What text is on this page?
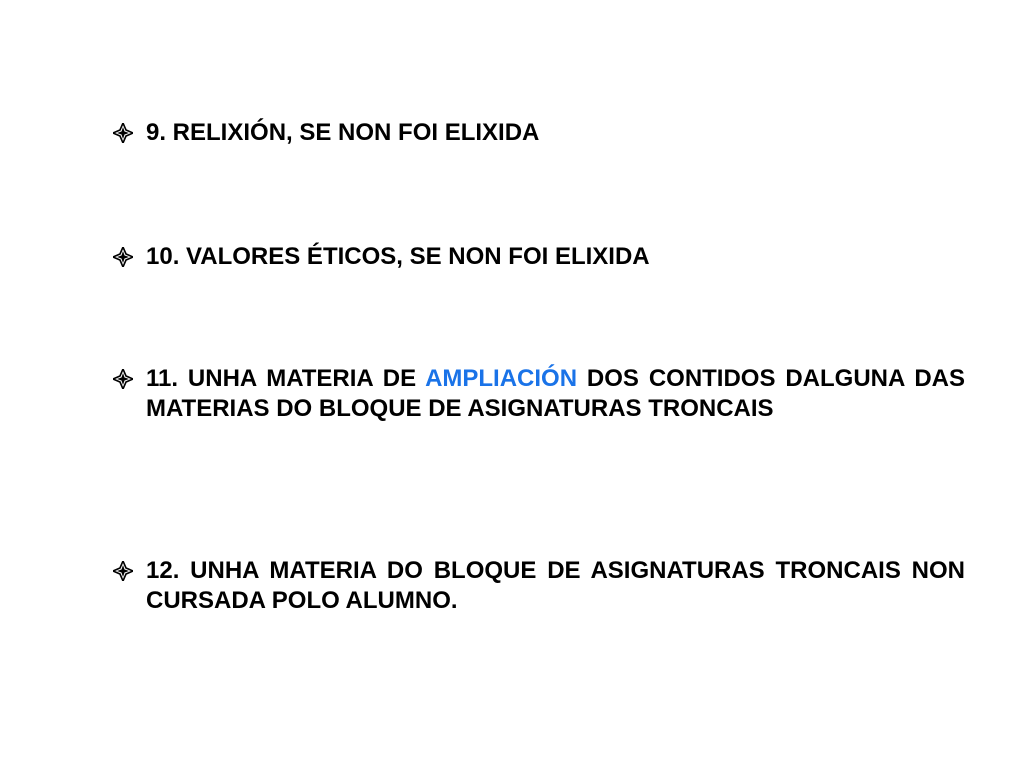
9. RELIXIÓN, SE NON FOI ELIXIDA
10. VALORES ÉTICOS, SE NON FOI ELIXIDA
11. UNHA MATERIA DE AMPLIACIÓN DOS CONTIDOS DALGUNA DAS MATERIAS DO BLOQUE DE ASIGNATURAS TRONCAIS
12. UNHA MATERIA DO BLOQUE DE ASIGNATURAS TRONCAIS NON CURSADA POLO ALUMNO.
